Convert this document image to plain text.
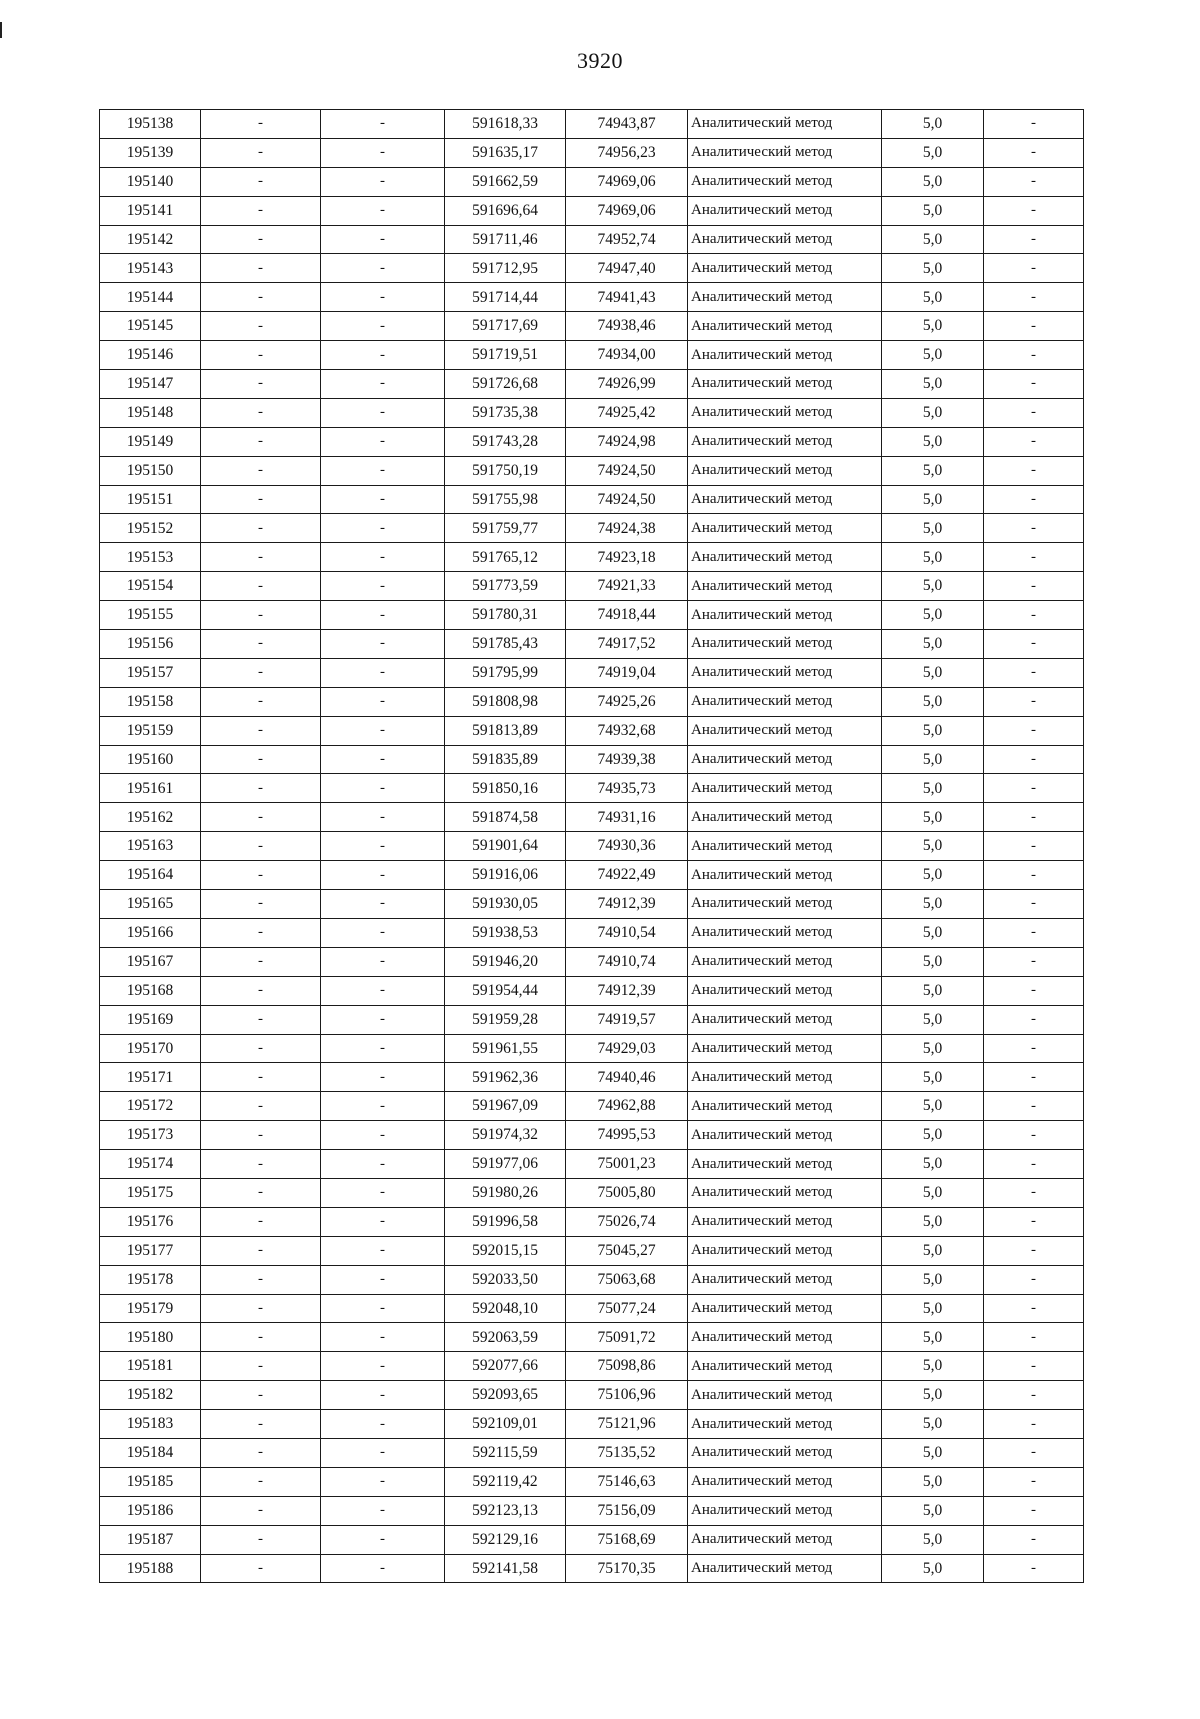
3920
195138	-	-	591618,33	74943,87	Аналитический метод	5,0	-
195139	-	-	591635,17	74956,23	Аналитический метод	5,0	-
195140	-	-	591662,59	74969,06	Аналитический метод	5,0	-
195141	-	-	591696,64	74969,06	Аналитический метод	5,0	-
195142	-	-	591711,46	74952,74	Аналитический метод	5,0	-
195143	-	-	591712,95	74947,40	Аналитический метод	5,0	-
195144	-	-	591714,44	74941,43	Аналитический метод	5,0	-
195145	-	-	591717,69	74938,46	Аналитический метод	5,0	-
195146	-	-	591719,51	74934,00	Аналитический метод	5,0	-
195147	-	-	591726,68	74926,99	Аналитический метод	5,0	-
195148	-	-	591735,38	74925,42	Аналитический метод	5,0	-
195149	-	-	591743,28	74924,98	Аналитический метод	5,0	-
195150	-	-	591750,19	74924,50	Аналитический метод	5,0	-
195151	-	-	591755,98	74924,50	Аналитический метод	5,0	-
195152	-	-	591759,77	74924,38	Аналитический метод	5,0	-
195153	-	-	591765,12	74923,18	Аналитический метод	5,0	-
195154	-	-	591773,59	74921,33	Аналитический метод	5,0	-
195155	-	-	591780,31	74918,44	Аналитический метод	5,0	-
195156	-	-	591785,43	74917,52	Аналитический метод	5,0	-
195157	-	-	591795,99	74919,04	Аналитический метод	5,0	-
195158	-	-	591808,98	74925,26	Аналитический метод	5,0	-
195159	-	-	591813,89	74932,68	Аналитический метод	5,0	-
195160	-	-	591835,89	74939,38	Аналитический метод	5,0	-
195161	-	-	591850,16	74935,73	Аналитический метод	5,0	-
195162	-	-	591874,58	74931,16	Аналитический метод	5,0	-
195163	-	-	591901,64	74930,36	Аналитический метод	5,0	-
195164	-	-	591916,06	74922,49	Аналитический метод	5,0	-
195165	-	-	591930,05	74912,39	Аналитический метод	5,0	-
195166	-	-	591938,53	74910,54	Аналитический метод	5,0	-
195167	-	-	591946,20	74910,74	Аналитический метод	5,0	-
195168	-	-	591954,44	74912,39	Аналитический метод	5,0	-
195169	-	-	591959,28	74919,57	Аналитический метод	5,0	-
195170	-	-	591961,55	74929,03	Аналитический метод	5,0	-
195171	-	-	591962,36	74940,46	Аналитический метод	5,0	-
195172	-	-	591967,09	74962,88	Аналитический метод	5,0	-
195173	-	-	591974,32	74995,53	Аналитический метод	5,0	-
195174	-	-	591977,06	75001,23	Аналитический метод	5,0	-
195175	-	-	591980,26	75005,80	Аналитический метод	5,0	-
195176	-	-	591996,58	75026,74	Аналитический метод	5,0	-
195177	-	-	592015,15	75045,27	Аналитический метод	5,0	-
195178	-	-	592033,50	75063,68	Аналитический метод	5,0	-
195179	-	-	592048,10	75077,24	Аналитический метод	5,0	-
195180	-	-	592063,59	75091,72	Аналитический метод	5,0	-
195181	-	-	592077,66	75098,86	Аналитический метод	5,0	-
195182	-	-	592093,65	75106,96	Аналитический метод	5,0	-
195183	-	-	592109,01	75121,96	Аналитический метод	5,0	-
195184	-	-	592115,59	75135,52	Аналитический метод	5,0	-
195185	-	-	592119,42	75146,63	Аналитический метод	5,0	-
195186	-	-	592123,13	75156,09	Аналитический метод	5,0	-
195187	-	-	592129,16	75168,69	Аналитический метод	5,0	-
195188	-	-	592141,58	75170,35	Аналитический метод	5,0	-
